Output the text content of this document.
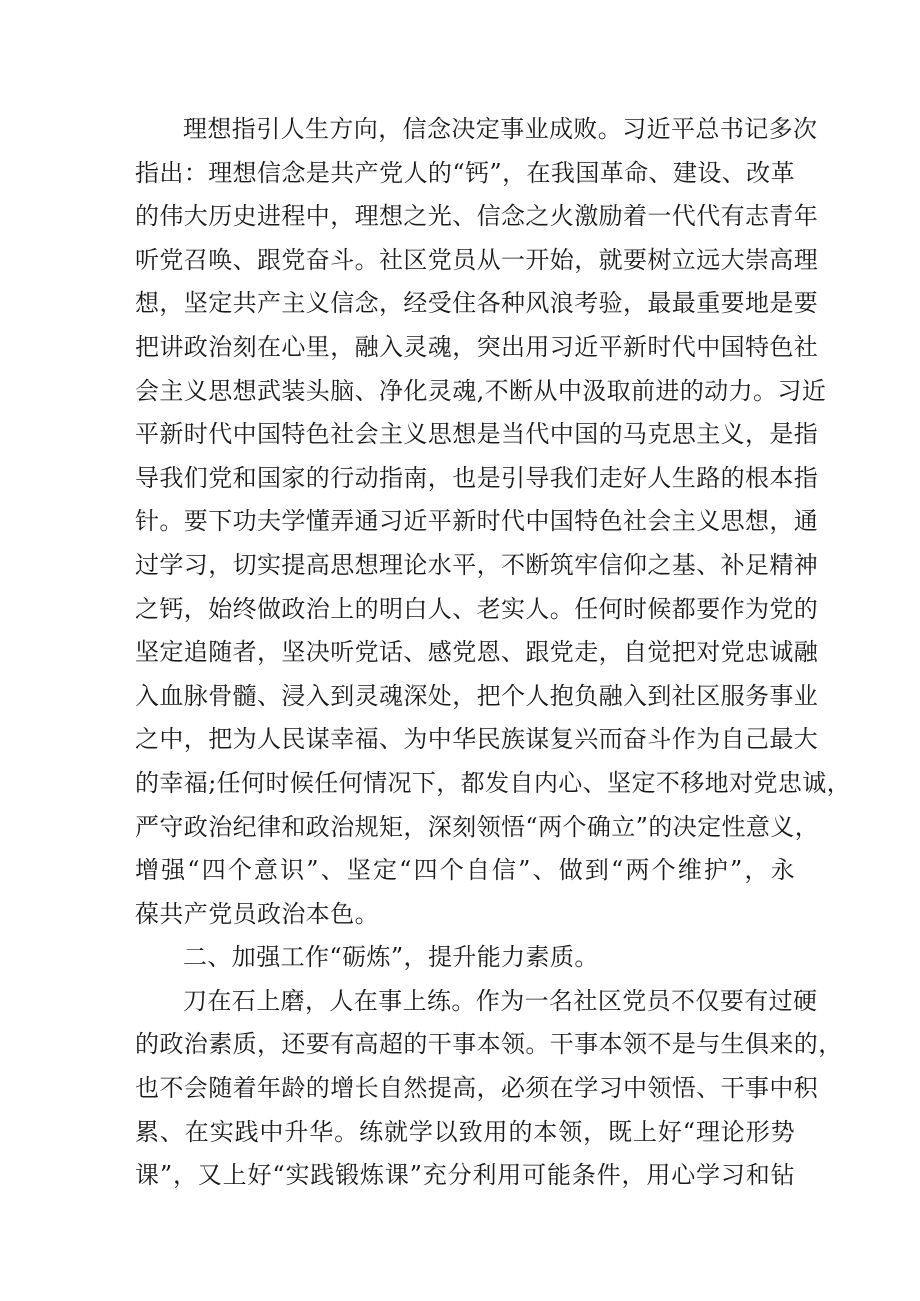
理想指引人生方向，信念决定事业成败。习近平总书记多次
指出：理想信念是共产党人的“钙”，在我国革命、建设、改革
的伟大历史进程中，理想之光、信念之火激励着一代代有志青年
听党召唤、跟党奋斗。社区党员从一开始，就要树立远大崇高理
想，坚定共产主义信念，经受住各种风浪考验，最最重要地是要
把讲政治刻在心里，融入灵魂，突出用习近平新时代中国特色社
会主义思想武装头脑、净化灵魂,不断从中汲取前进的动力。习近
平新时代中国特色社会主义思想是当代中国的马克思主义，是指
导我们党和国家的行动指南，也是引导我们走好人生路的根本指
针。要下功夫学懂弄通习近平新时代中国特色社会主义思想，通
过学习，切实提高思想理论水平，不断筑牢信仰之基、补足精神
之钙，始终做政治上的明白人、老实人。任何时候都要作为党的
坚定追随者，坚决听党话、感党恩、跟党走，自觉把对党忠诚融
入血脉骨髓、浸入到灵魂深处，把个人抱负融入到社区服务事业
之中，把为人民谋幸福、为中华民族谋复兴而奋斗作为自己最大
的幸福;任何时候任何情况下，都发自内心、坚定不移地对党忠诚，
严守政治纪律和政治规矩，深刻领悟“两个确立”的决定性意义，
增强“四个意识”、坚定“四个自信”、做到“两个维护”，永
葆共产党员政治本色。
二、加强工作“砺炼”，提升能力素质。
刀在石上磨，人在事上练。作为一名社区党员不仅要有过硬
的政治素质，还要有高超的干事本领。干事本领不是与生俱来的，
也不会随着年龄的增长自然提高，必须在学习中领悟、干事中积
累、在实践中升华。练就学以致用的本领，既上好“理论形势
课”，又上好“实践锻炼课”充分利用可能条件，用心学习和钻
